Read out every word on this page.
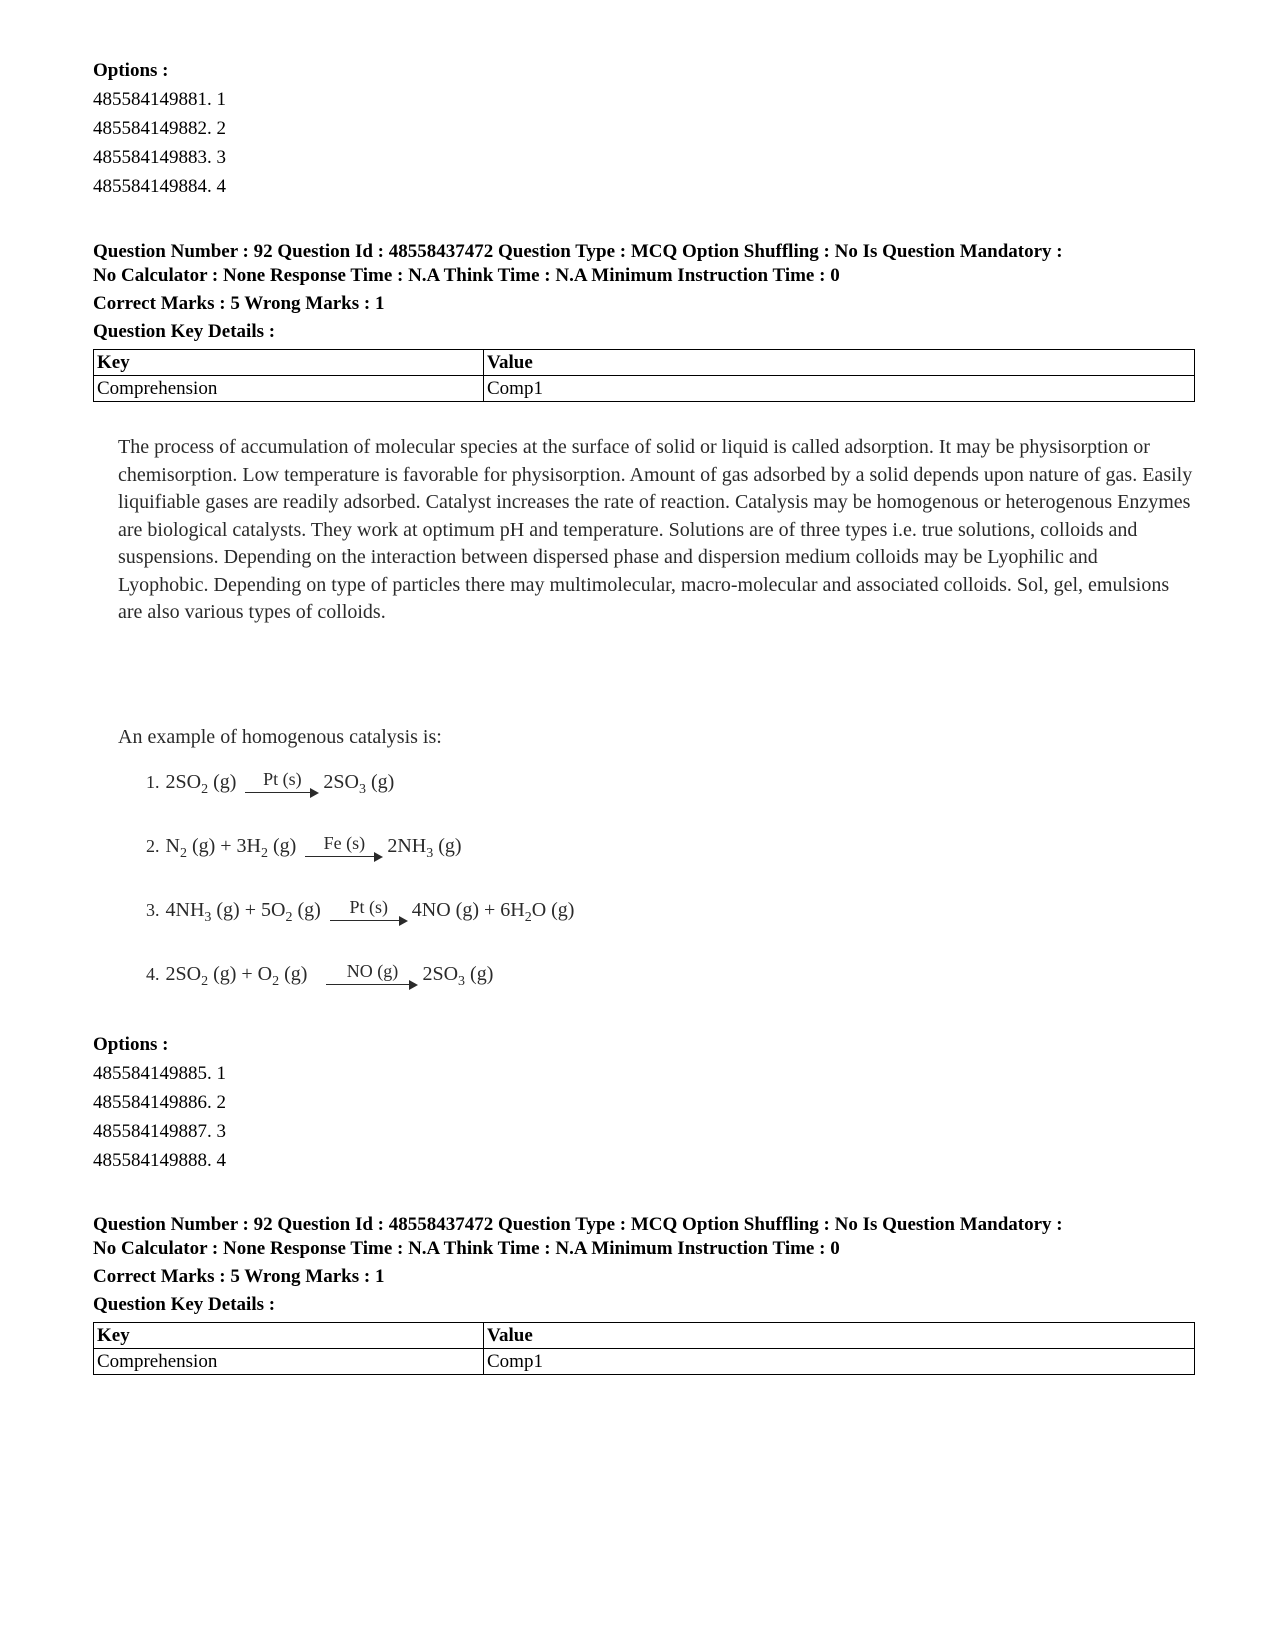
Options :
485584149881. 1
485584149882. 2
485584149883. 3
485584149884. 4
Question Number : 92 Question Id : 48558437472 Question Type : MCQ Option Shuffling : No Is Question Mandatory :
No Calculator : None Response Time : N.A Think Time : N.A Minimum Instruction Time : 0
Correct Marks : 5 Wrong Marks : 1
Question Key Details :
Key	Value
Comprehension	Comp1
The process of accumulation of molecular species at the surface of solid or liquid is called adsorption. It may be physisorption or chemisorption. Low temperature is favorable for physisorption. Amount of gas adsorbed by a solid depends upon nature of gas. Easily liquifiable gases are readily adsorbed. Catalyst increases the rate of reaction. Catalysis may be homogenous or heterogenous Enzymes are biological catalysts. They work at optimum pH and temperature. Solutions are of three types i.e. true solutions, colloids and suspensions. Depending on the interaction between dispersed phase and dispersion medium colloids may be Lyophilic and Lyophobic. Depending on type of particles there may multimolecular, macro-molecular and associated colloids. Sol, gel, emulsions are also various types of colloids.
An example of homogenous catalysis is:
1. $2SO_2$ (g)	Pt (s)	$2SO_3$ (g)
2. $N_2$ $(g) + 3H_2$ (g)	Fe (s)	$2NH_3$ (g)
3. $4NH_3$ $(g) + 5O_2$ (g)	Pt (s)	4NO $(g) + 6H_2O$ (g)
4. $2SO_2$ $(g) + O_2$ (g)	NO (g)	$2SO_3$ (g)
Options :
485584149885. 1
485584149886. 2
485584149887. 3
485584149888. 4
Question Number : 92 Question Id : 48558437472 Question Type : MCQ Option Shuffling : No Is Question Mandatory :
No Calculator : None Response Time : N.A Think Time : N.A Minimum Instruction Time : 0
Correct Marks : 5 Wrong Marks : 1
Question Key Details :
Key	Value
Comprehension	Comp1
